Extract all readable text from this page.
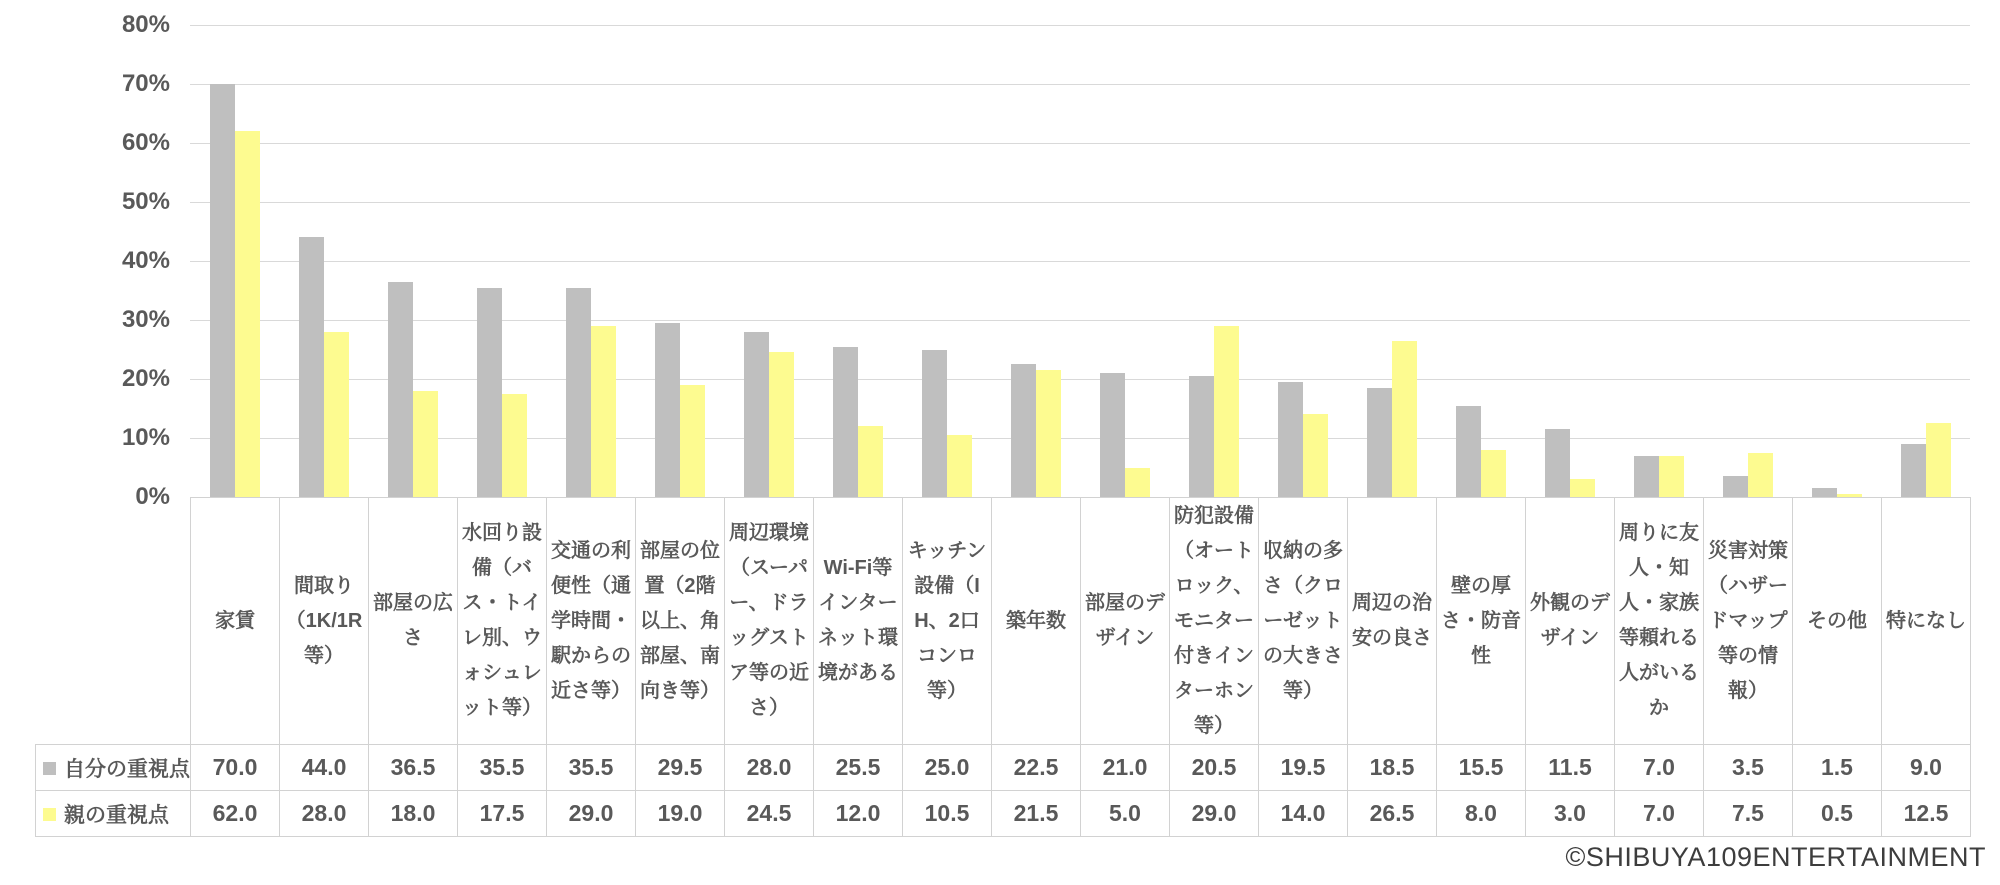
80%
70%
60%
50%
40%
30%
20%
10%
0%
	家賃	間取り（1K/1R等）	部屋の広さ	水回り設備（バス・トイレ別、ウォシュレット等）	交通の利便性（通学時間・駅からの近さ等）	部屋の位置（2階以上、角部屋、南向き等）	周辺環境（スーパー、ドラッグストア等の近さ）	Wi-Fi等インターネット環境がある	キッチン設備（IH、2口コンロ等）	築年数	部屋のデザイン	防犯設備（オートロック、モニター付きインターホン等）	収納の多さ（クローゼットの大きさ等）	周辺の治安の良さ	壁の厚さ・防音性	外観のデザイン	周りに友人・知人・家族等頼れる人がいるか	災害対策（ハザードマップ等の情報）	その他	特になし
自分の重視点	70.0	44.0	36.5	35.5	35.5	29.5	28.0	25.5	25.0	22.5	21.0	20.5	19.5	18.5	15.5	11.5	7.0	3.5	1.5	9.0
親の重視点	62.0	28.0	18.0	17.5	29.0	19.0	24.5	12.0	10.5	21.5	5.0	29.0	14.0	26.5	8.0	3.0	7.0	7.5	0.5	12.5
©SHIBUYA109ENTERTAINMENT
